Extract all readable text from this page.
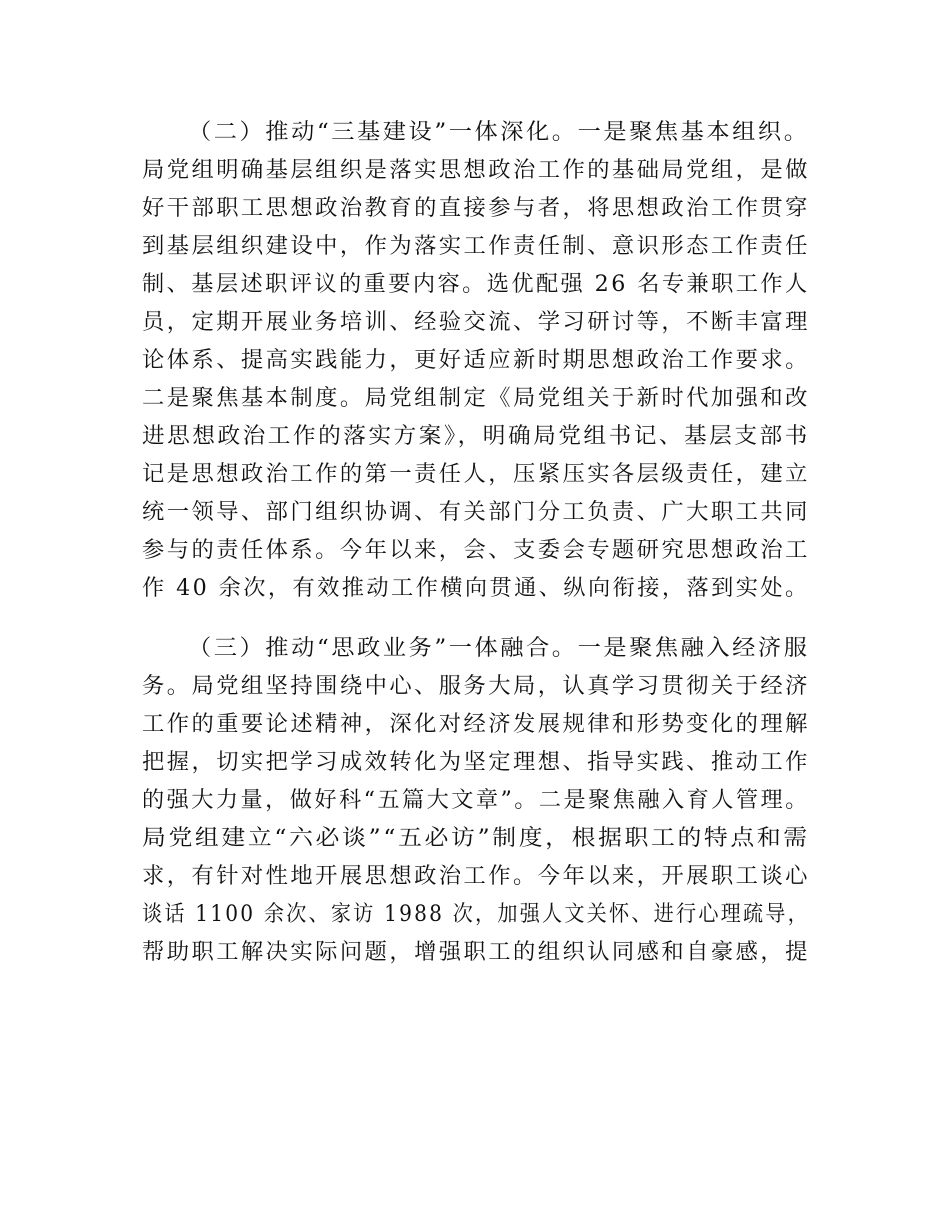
（二）推动“三基建设”一体深化。一是聚焦基本组织。
局党组明确基层组织是落实思想政治工作的基础局党组，是做
好干部职工思想政治教育的直接参与者，将思想政治工作贯穿
到基层组织建设中，作为落实工作责任制、意识形态工作责任
制、基层述职评议的重要内容。选优配强 26 名专兼职工作人
员，定期开展业务培训、经验交流、学习研讨等，不断丰富理
论体系、提高实践能力，更好适应新时期思想政治工作要求。
二是聚焦基本制度。局党组制定《局党组关于新时代加强和改
进思想政治工作的落实方案》，明确局党组书记、基层支部书
记是思想政治工作的第一责任人，压紧压实各层级责任，建立
统一领导、部门组织协调、有关部门分工负责、广大职工共同
参与的责任体系。今年以来，会、支委会专题研究思想政治工
作 40 余次，有效推动工作横向贯通、纵向衔接，落到实处。
（三）推动“思政业务”一体融合。一是聚焦融入经济服
务。局党组坚持围绕中心、服务大局，认真学习贯彻关于经济
工作的重要论述精神，深化对经济发展规律和形势变化的理解
把握，切实把学习成效转化为坚定理想、指导实践、推动工作
的强大力量，做好科“五篇大文章”。二是聚焦融入育人管理。
局党组建立“六必谈”“五必访”制度，根据职工的特点和需
求，有针对性地开展思想政治工作。今年以来，开展职工谈心
谈话 1100 余次、家访 1988 次，加强人文关怀、进行心理疏导，
帮助职工解决实际问题，增强职工的组织认同感和自豪感，提
